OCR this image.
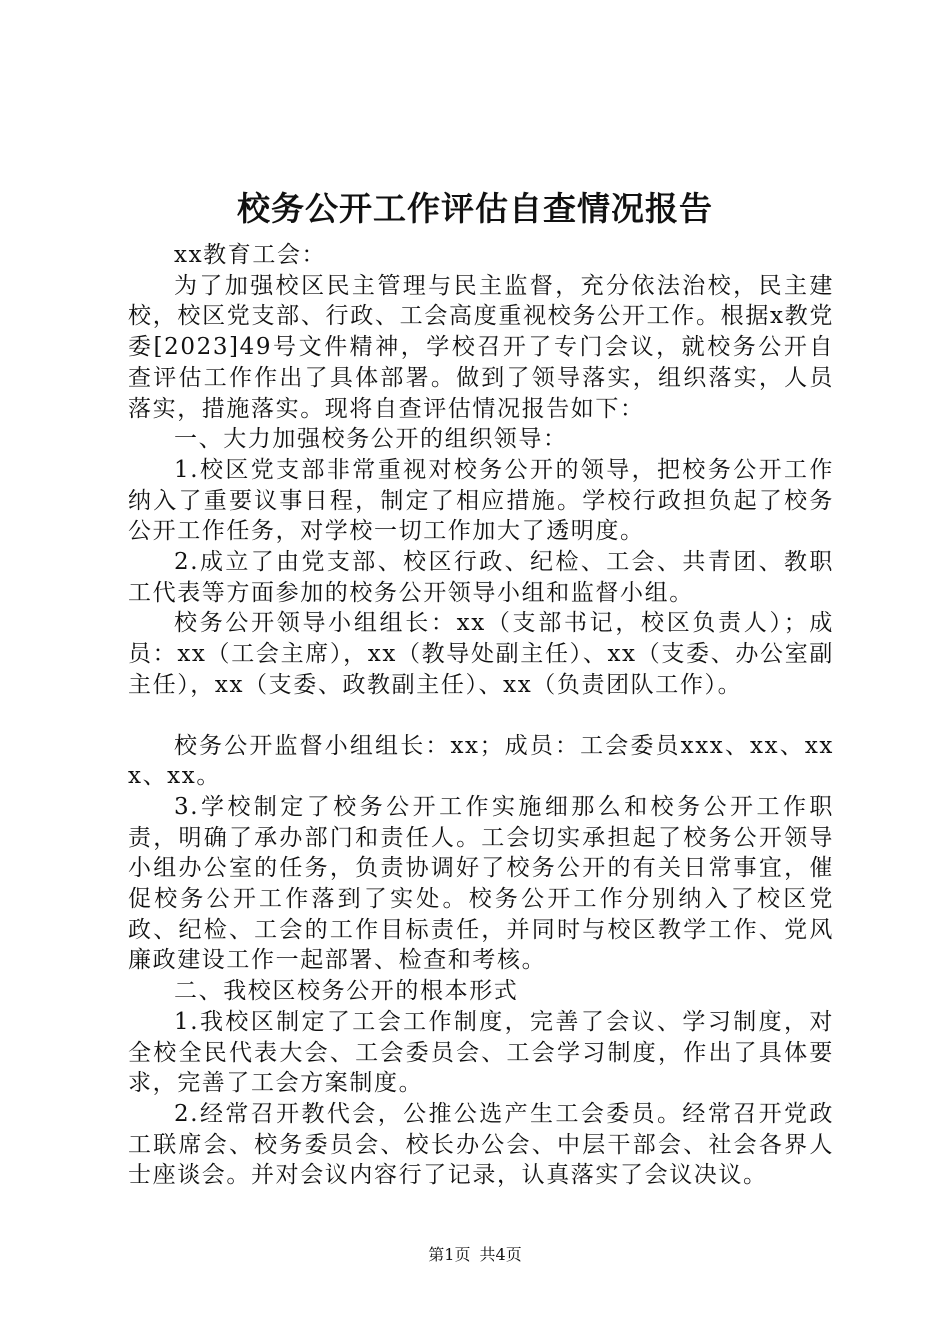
校务公开工作评估自查情况报告

xx教育工会：

为了加强校区民主管理与民主监督，充分依法治校，民主建校，校区党支部、行政、工会高度重视校务公开工作。根据x教党委[2023]49号文件精神，学校召开了专门会议，就校务公开自查评估工作作出了具体部署。做到了领导落实，组织落实，人员落实，措施落实。现将自查评估情况报告如下：

一、大力加强校务公开的组织领导：

1.校区党支部非常重视对校务公开的领导，把校务公开工作纳入了重要议事日程，制定了相应措施。学校行政担负起了校务公开工作任务，对学校一切工作加大了透明度。

2.成立了由党支部、校区行政、纪检、工会、共青团、教职工代表等方面参加的校务公开领导小组和监督小组。

校务公开领导小组组长：xx（支部书记，校区负责人）；成员：xx（工会主席），xx（教导处副主任）、xx（支委、办公室副主任），xx（支委、政教副主任）、xx（负责团队工作）。

校务公开监督小组组长：xx；成员：工会委员xxx、xx、xxx、xx。

3.学校制定了校务公开工作实施细那么和校务公开工作职责，明确了承办部门和责任人。工会切实承担起了校务公开领导小组办公室的任务，负责协调好了校务公开的有关日常事宜，催促校务公开工作落到了实处。校务公开工作分别纳入了校区党政、纪检、工会的工作目标责任，并同时与校区教学工作、党风廉政建设工作一起部署、检查和考核。

二、我校区校务公开的根本形式

1.我校区制定了工会工作制度，完善了会议、学习制度，对全校全民代表大会、工会委员会、工会学习制度，作出了具体要求，完善了工会方案制度。

2.经常召开教代会，公推公选产生工会委员。经常召开党政工联席会、校务委员会、校长办公会、中层干部会、社会各界人士座谈会。并对会议内容行了记录，认真落实了会议决议。

第1页 共4页
